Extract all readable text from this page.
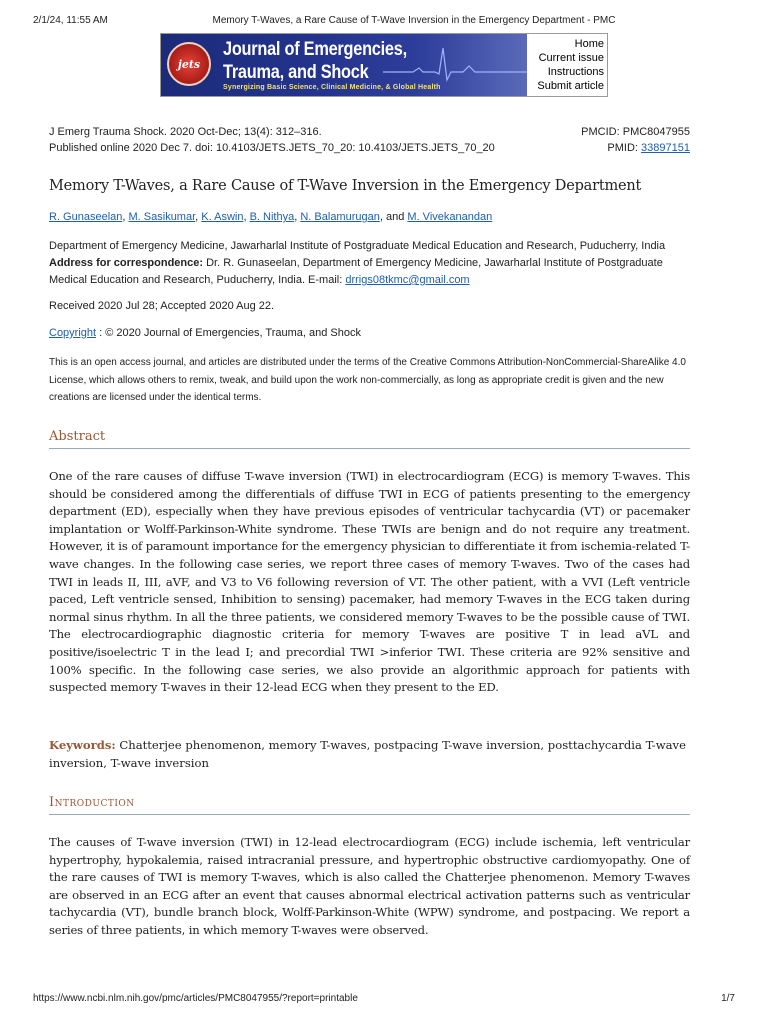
2/1/24, 11:55 AM	Memory T-Waves, a Rare Cause of T-Wave Inversion in the Emergency Department - PMC
jets
Journal of Emergencies,
Trauma, and Shock
Synergizing Basic Science, Clinical Medicine, & Global Health
Home
Current issue
Instructions
Submit article
J Emerg Trauma Shock. 2020 Oct-Dec; 13(4): 312–316.
Published online 2020 Dec 7. doi: 10.4103/JETS.JETS_70_20: 10.4103/JETS.JETS_70_20
PMCID: PMC8047955
PMID: 33897151
Memory T-Waves, a Rare Cause of T-Wave Inversion in the Emergency Department
R. Gunaseelan, M. Sasikumar, K. Aswin, B. Nithya, N. Balamurugan, and M. Vivekanandan
Department of Emergency Medicine, Jawarharlal Institute of Postgraduate Medical Education and Research, Puducherry, India
Address for correspondence: Dr. R. Gunaseelan, Department of Emergency Medicine, Jawarharlal Institute of Postgraduate Medical Education and Research, Puducherry, India. E-mail: drrigs08tkmc@gmail.com
Received 2020 Jul 28; Accepted 2020 Aug 22.
Copyright : © 2020 Journal of Emergencies, Trauma, and Shock
This is an open access journal, and articles are distributed under the terms of the Creative Commons Attribution-NonCommercial-ShareAlike 4.0 License, which allows others to remix, tweak, and build upon the work non-commercially, as long as appropriate credit is given and the new creations are licensed under the identical terms.
Abstract
One of the rare causes of diffuse T-wave inversion (TWI) in electrocardiogram (ECG) is memory T-waves. This should be considered among the differentials of diffuse TWI in ECG of patients presenting to the emergency department (ED), especially when they have previous episodes of ventricular tachycardia (VT) or pacemaker implantation or Wolff-Parkinson-White syndrome. These TWIs are benign and do not require any treatment. However, it is of paramount importance for the emergency physician to differentiate it from ischemia-related T-wave changes. In the following case series, we report three cases of memory T-waves. Two of the cases had TWI in leads II, III, aVF, and V3 to V6 following reversion of VT. The other patient, with a VVI (Left ventricle paced, Left ventricle sensed, Inhibition to sensing) pacemaker, had memory T-waves in the ECG taken during normal sinus rhythm. In all the three patients, we considered memory T-waves to be the possible cause of TWI. The electrocardiographic diagnostic criteria for memory T-waves are positive T in lead aVL and positive/isoelectric T in the lead I; and precordial TWI >inferior TWI. These criteria are 92% sensitive and 100% specific. In the following case series, we also provide an algorithmic approach for patients with suspected memory T-waves in their 12-lead ECG when they present to the ED.
Keywords: Chatterjee phenomenon, memory T-waves, postpacing T-wave inversion, posttachycardia T-wave inversion, T-wave inversion
Introduction
The causes of T-wave inversion (TWI) in 12-lead electrocardiogram (ECG) include ischemia, left ventricular hypertrophy, hypokalemia, raised intracranial pressure, and hypertrophic obstructive cardiomyopathy. One of the rare causes of TWI is memory T-waves, which is also called the Chatterjee phenomenon. Memory T-waves are observed in an ECG after an event that causes abnormal electrical activation patterns such as ventricular tachycardia (VT), bundle branch block, Wolff-Parkinson-White (WPW) syndrome, and postpacing. We report a series of three patients, in which memory T-waves were observed.
https://www.ncbi.nlm.nih.gov/pmc/articles/PMC8047955/?report=printable	1/7
